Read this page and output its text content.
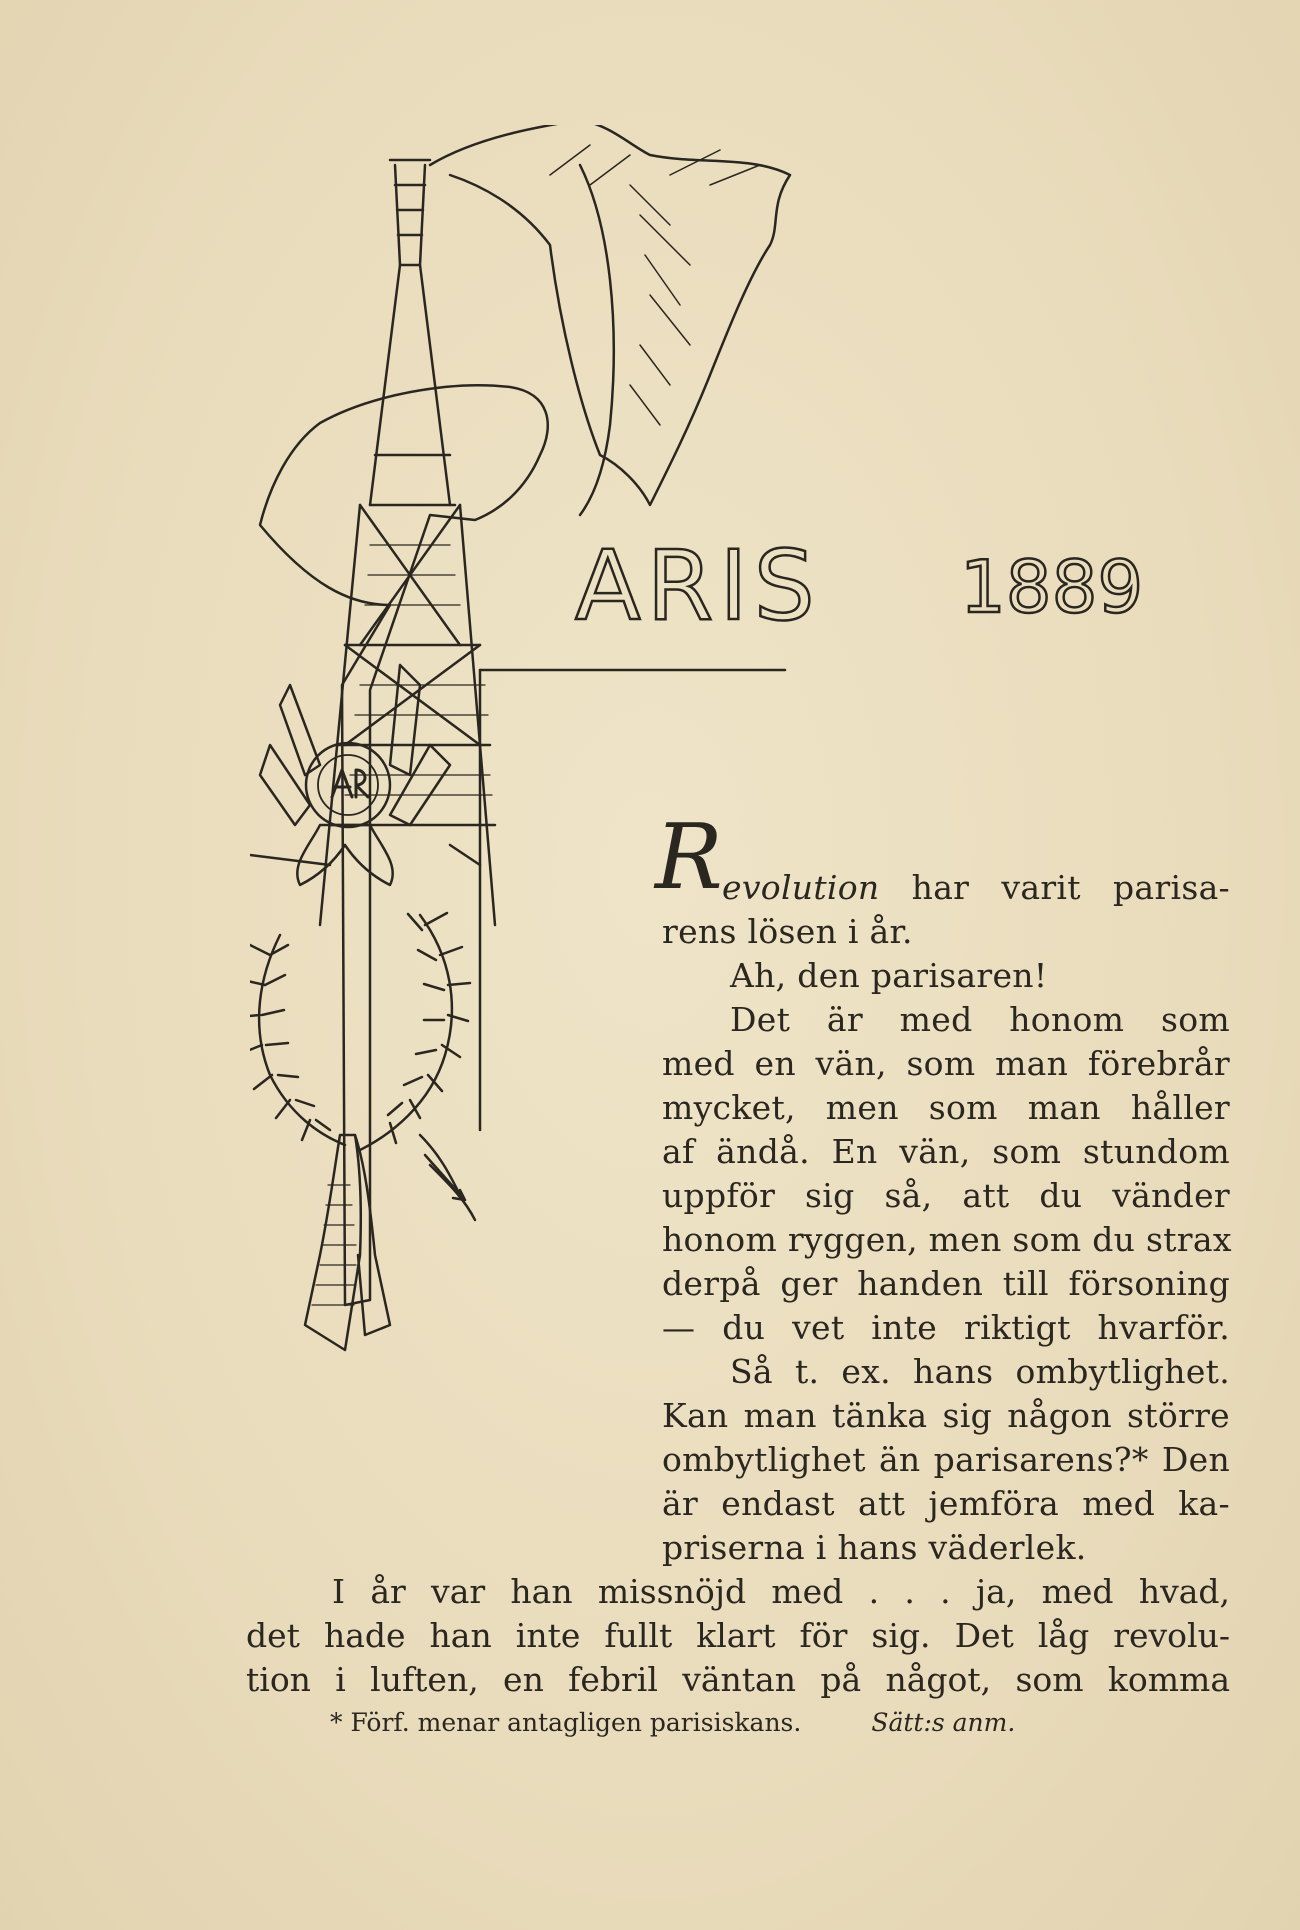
ARIS 1889
R evolution har varit parisa-
rens lösen i år.
Ah, den parisaren!
Det är med honom som
med en vän, som man förebrår
mycket, men som man håller
af ändå. En vän, som stundom
uppför sig så, att du vänder
honom ryggen, men som du strax
derpå ger handen till försoning
— du vet inte riktigt hvarför.
Så t. ex. hans ombytlighet.
Kan man tänka sig någon större
ombytlighet än parisarens?* Den
är endast att jemföra med ka-
priserna i hans väderlek.
I år var han missnöjd med . . . ja, med hvad,
det hade han inte fullt klart för sig. Det låg revolu-
tion i luften, en febril väntan på något, som komma
* Förf. menar antagligen parisiskans.	Sätt:s anm.
